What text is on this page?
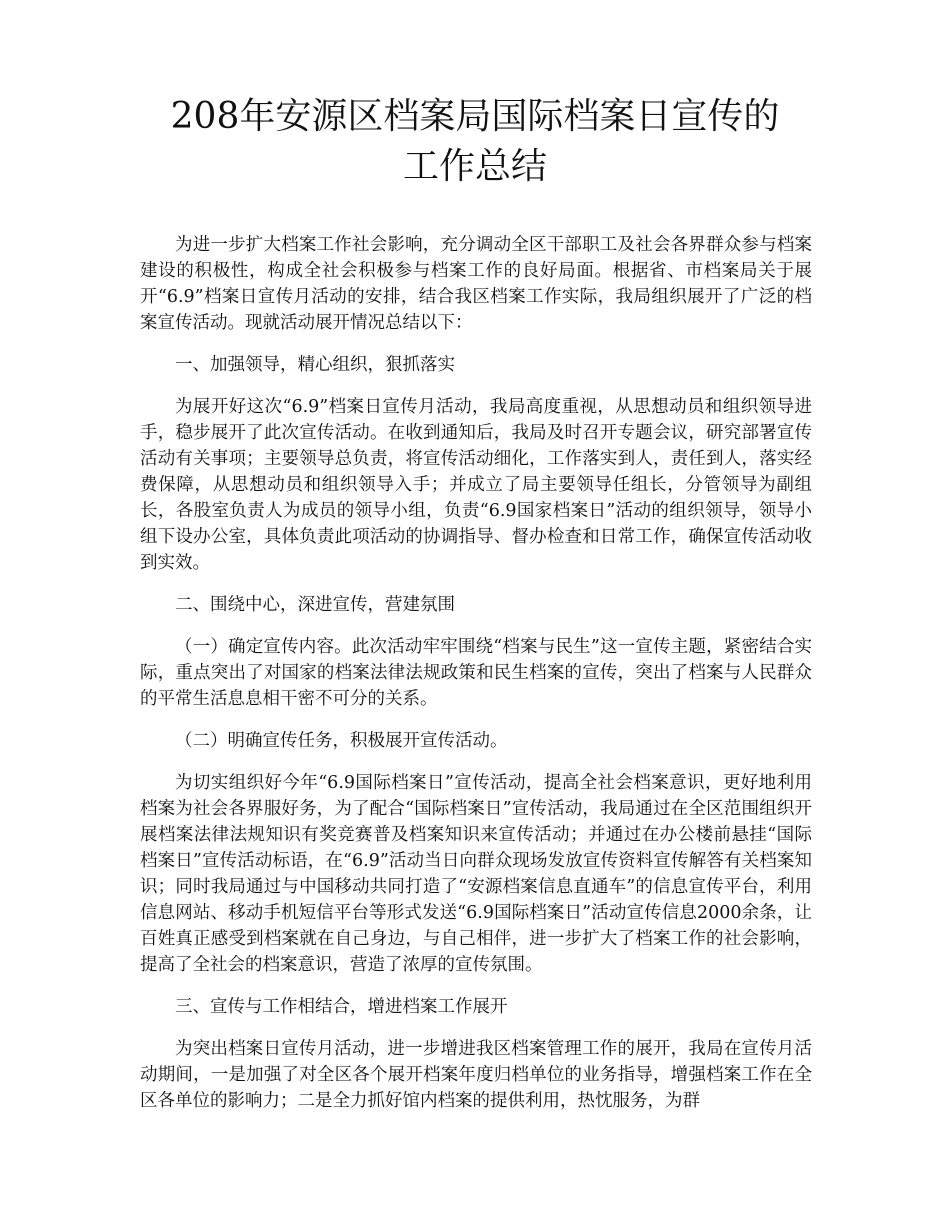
208年安源区档案局国际档案日宣传的
工作总结

为进一步扩大档案工作社会影响，充分调动全区干部职工及社会各界群众参与档案建设的积极性，构成全社会积极参与档案工作的良好局面。根据省、市档案局关于展开“6.9”档案日宣传月活动的安排，结合我区档案工作实际，我局组织展开了广泛的档案宣传活动。现就活动展开情况总结以下：

一、加强领导，精心组织，狠抓落实

为展开好这次“6.9”档案日宣传月活动，我局高度重视，从思想动员和组织领导进手，稳步展开了此次宣传活动。在收到通知后，我局及时召开专题会议，研究部署宣传活动有关事项；主要领导总负责，将宣传活动细化，工作落实到人，责任到人，落实经费保障，从思想动员和组织领导入手；并成立了局主要领导任组长，分管领导为副组长，各股室负责人为成员的领导小组，负责“6.9国家档案日”活动的组织领导，领导小组下设办公室，具体负责此项活动的协调指导、督办检查和日常工作，确保宣传活动收到实效。

二、围绕中心，深进宣传，营建氛围

（一）确定宣传内容。此次活动牢牢围绕“档案与民生”这一宣传主题，紧密结合实际，重点突出了对国家的档案法律法规政策和民生档案的宣传，突出了档案与人民群众的平常生活息息相干密不可分的关系。

（二）明确宣传任务，积极展开宣传活动。

为切实组织好今年“6.9国际档案日”宣传活动，提高全社会档案意识，更好地利用档案为社会各界服好务，为了配合“国际档案日”宣传活动，我局通过在全区范围组织开展档案法律法规知识有奖竞赛普及档案知识来宣传活动；并通过在办公楼前悬挂“国际档案日”宣传活动标语，在“6.9”活动当日向群众现场发放宣传资料宣传解答有关档案知识；同时我局通过与中国移动共同打造了“安源档案信息直通车”的信息宣传平台，利用信息网站、移动手机短信平台等形式发送“6.9国际档案日”活动宣传信息2000余条，让百姓真正感受到档案就在自己身边，与自己相伴，进一步扩大了档案工作的社会影响，提高了全社会的档案意识，营造了浓厚的宣传氛围。

三、宣传与工作相结合，增进档案工作展开

为突出档案日宣传月活动，进一步增进我区档案管理工作的展开，我局在宣传月活动期间，一是加强了对全区各个展开档案年度归档单位的业务指导，增强档案工作在全区各单位的影响力；二是全力抓好馆内档案的提供利用，热忱服务，为群
